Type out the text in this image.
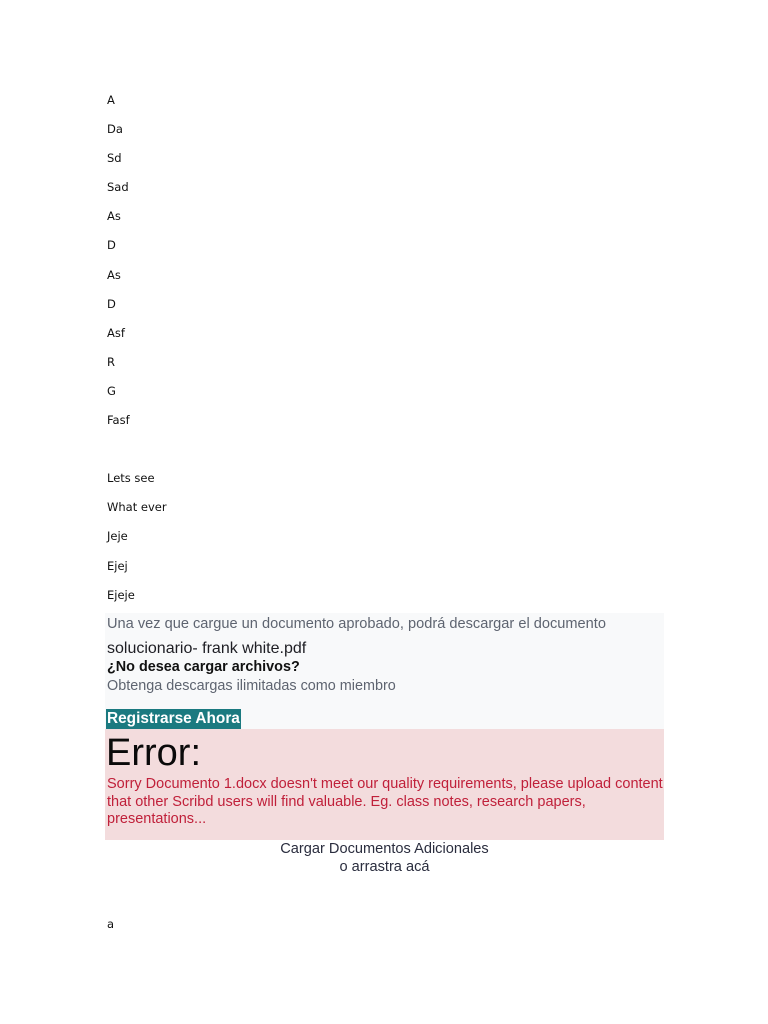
A
Da
Sd
Sad
As
D
As
D
Asf
R
G
Fasf
Lets see
What ever
Jeje
Ejej
Ejeje
Una vez que cargue un documento aprobado, podrá descargar el documento
solucionario- frank white.pdf
¿No desea cargar archivos?
Obtenga descargas ilimitadas como miembro
Registrarse Ahora
Error:
Sorry Documento 1.docx doesn't meet our quality requirements, please upload content that other Scribd users will find valuable. Eg. class notes, research papers, presentations...
Cargar Documentos Adicionales
o arrastra acá
a
